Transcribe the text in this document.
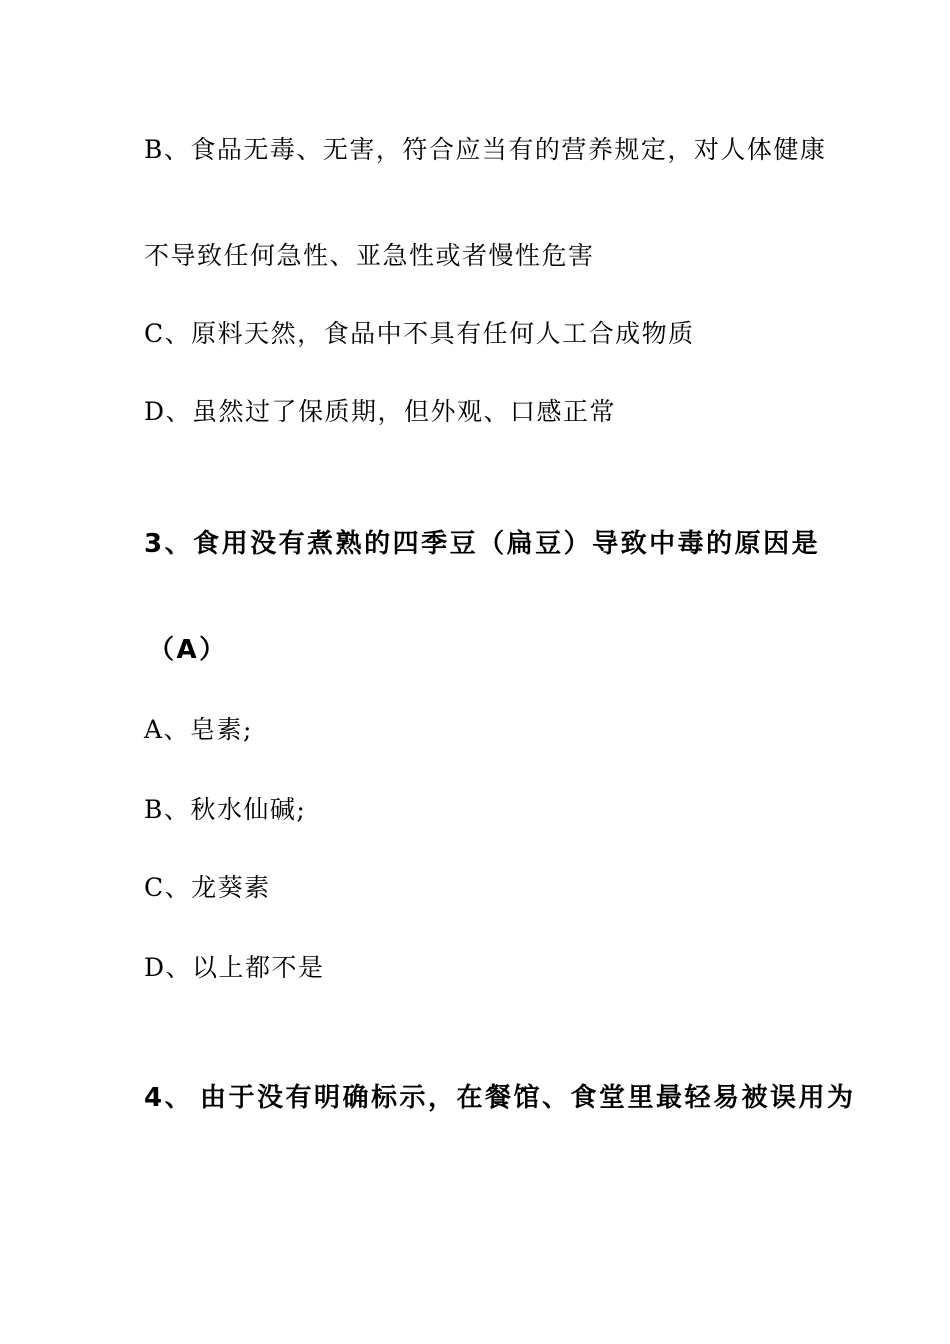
B、食品无毒、无害，符合应当有的营养规定，对人体健康
不导致任何急性、亚急性或者慢性危害
C、原料天然，食品中不具有任何人工合成物质
D、虽然过了保质期，但外观、口感正常
3、食用没有煮熟的四季豆（扁豆）导致中毒的原因是
（A）
A、皂素;
B、秋水仙碱;
C、龙葵素
D、以上都不是
4、 由于没有明确标示，在餐馆、食堂里最轻易被误用为
